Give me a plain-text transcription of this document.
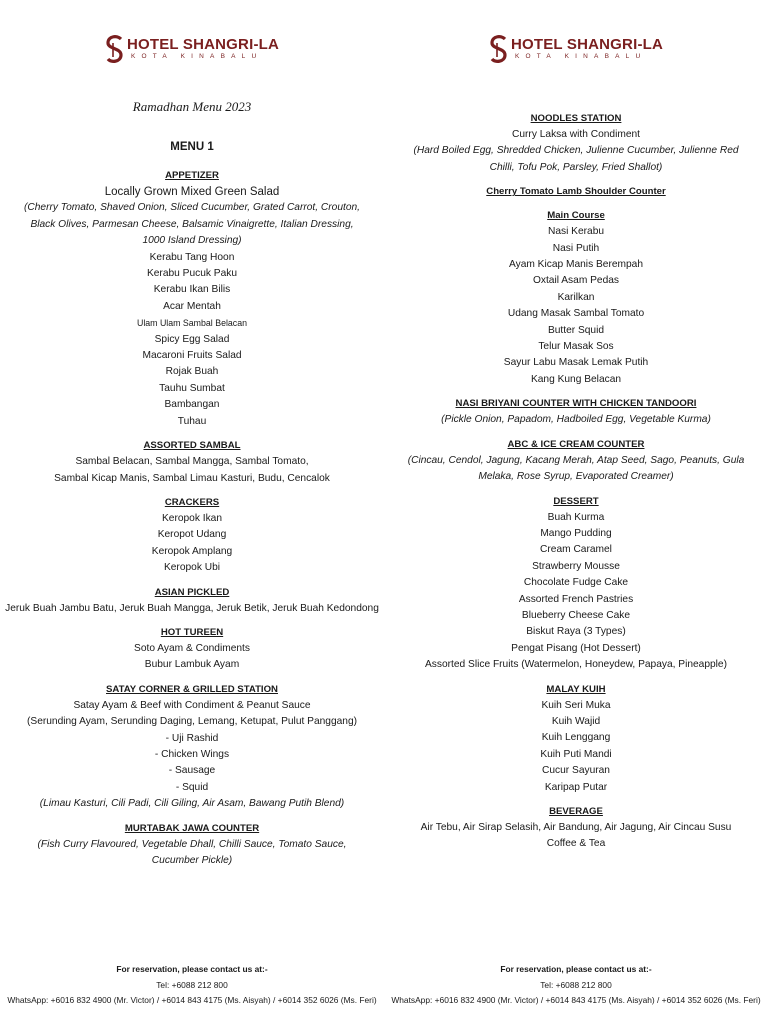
HOTEL SHANGRI-LA
KOTA KINABALU
Ramadhan Menu 2023
MENU 1
APPETIZER
Locally Grown Mixed Green Salad
(Cherry Tomato, Shaved Onion, Sliced Cucumber, Grated Carrot, Crouton, Black Olives, Parmesan Cheese, Balsamic Vinaigrette, Italian Dressing, 1000 Island Dressing)
Kerabu Tang Hoon
Kerabu Pucuk Paku
Kerabu Ikan Bilis
Acar Mentah
Ulam Ulam Sambal Belacan
Spicy Egg Salad
Macaroni Fruits Salad
Rojak Buah
Tauhu Sumbat
Bambangan
Tuhau
ASSORTED SAMBAL
Sambal Belacan, Sambal Mangga, Sambal Tomato,
Sambal Kicap Manis, Sambal Limau Kasturi, Budu, Cencalok
CRACKERS
Keropok Ikan
Keropot Udang
Keropok Amplang
Keropok Ubi
ASIAN PICKLED
Jeruk Buah Jambu Batu, Jeruk Buah Mangga, Jeruk Betik, Jeruk Buah Kedondong
HOT TUREEN
Soto Ayam & Condiments
Bubur Lambuk Ayam
SATAY CORNER & GRILLED STATION
Satay Ayam & Beef with Condiment & Peanut Sauce
(Serunding Ayam, Serunding Daging, Lemang, Ketupat, Pulut Panggang)
- Uji Rashid
- Chicken Wings
- Sausage
- Squid
(Limau Kasturi, Cili Padi, Cili Giling, Air Asam, Bawang Putih Blend)
MURTABAK JAWA COUNTER
(Fish Curry Flavoured, Vegetable Dhall, Chilli Sauce, Tomato Sauce, Cucumber Pickle)
For reservation, please contact us at:-
Tel: +6088 212 800
WhatsApp: +6016 832 4900 (Mr. Victor) / +6014 843 4175 (Ms. Aisyah) / +6014 352 6026 (Ms. Feri)
HOTEL SHANGRI-LA
KOTA KINABALU
NOODLES STATION
Curry Laksa with Condiment
(Hard Boiled Egg, Shredded Chicken, Julienne Cucumber, Julienne Red Chilli, Tofu Pok, Parsley, Fried Shallot)
Cherry Tomato Lamb Shoulder Counter
Main Course
Nasi Kerabu
Nasi Putih
Ayam Kicap Manis Berempah
Oxtail Asam Pedas
Karilkan
Udang Masak Sambal Tomato
Butter Squid
Telur Masak Sos
Sayur Labu Masak Lemak Putih
Kang Kung Belacan
NASI BRIYANI COUNTER WITH CHICKEN TANDOORI
(Pickle Onion, Papadom, Hadboiled Egg, Vegetable Kurma)
ABC & ICE CREAM COUNTER
(Cincau, Cendol, Jagung, Kacang Merah, Atap Seed, Sago, Peanuts, Gula Melaka, Rose Syrup, Evaporated Creamer)
DESSERT
Buah Kurma
Mango Pudding
Cream Caramel
Strawberry Mousse
Chocolate Fudge Cake
Assorted French Pastries
Blueberry Cheese Cake
Biskut Raya (3 Types)
Pengat Pisang (Hot Dessert)
Assorted Slice Fruits (Watermelon, Honeydew, Papaya, Pineapple)
MALAY KUIH
Kuih Seri Muka
Kuih Wajid
Kuih Lenggang
Kuih Puti Mandi
Cucur Sayuran
Karipap Putar
BEVERAGE
Air Tebu, Air Sirap Selasih, Air Bandung, Air Jagung, Air Cincau Susu
Coffee & Tea
For reservation, please contact us at:-
Tel: +6088 212 800
WhatsApp: +6016 832 4900 (Mr. Victor) / +6014 843 4175 (Ms. Aisyah) / +6014 352 6026 (Ms. Feri)
